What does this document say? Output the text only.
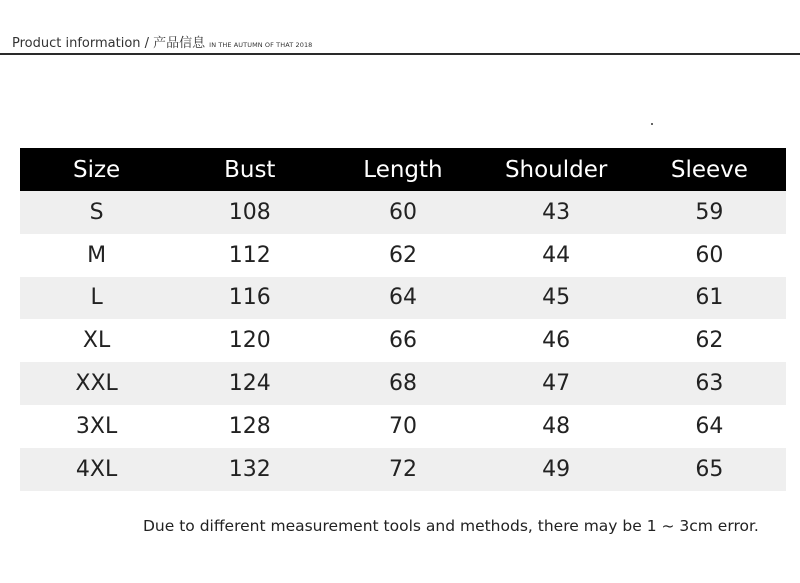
Product information / 产品信息 IN THE AUTUMN OF THAT 2018
Size	Bust	Length	Shoulder	Sleeve
S	108	60	43	59
M	112	62	44	60
L	116	64	45	61
XL	120	66	46	62
XXL	124	68	47	63
3XL	128	70	48	64
4XL	132	72	49	65
Due to different measurement tools and methods, there may be 1 ~ 3cm error.
